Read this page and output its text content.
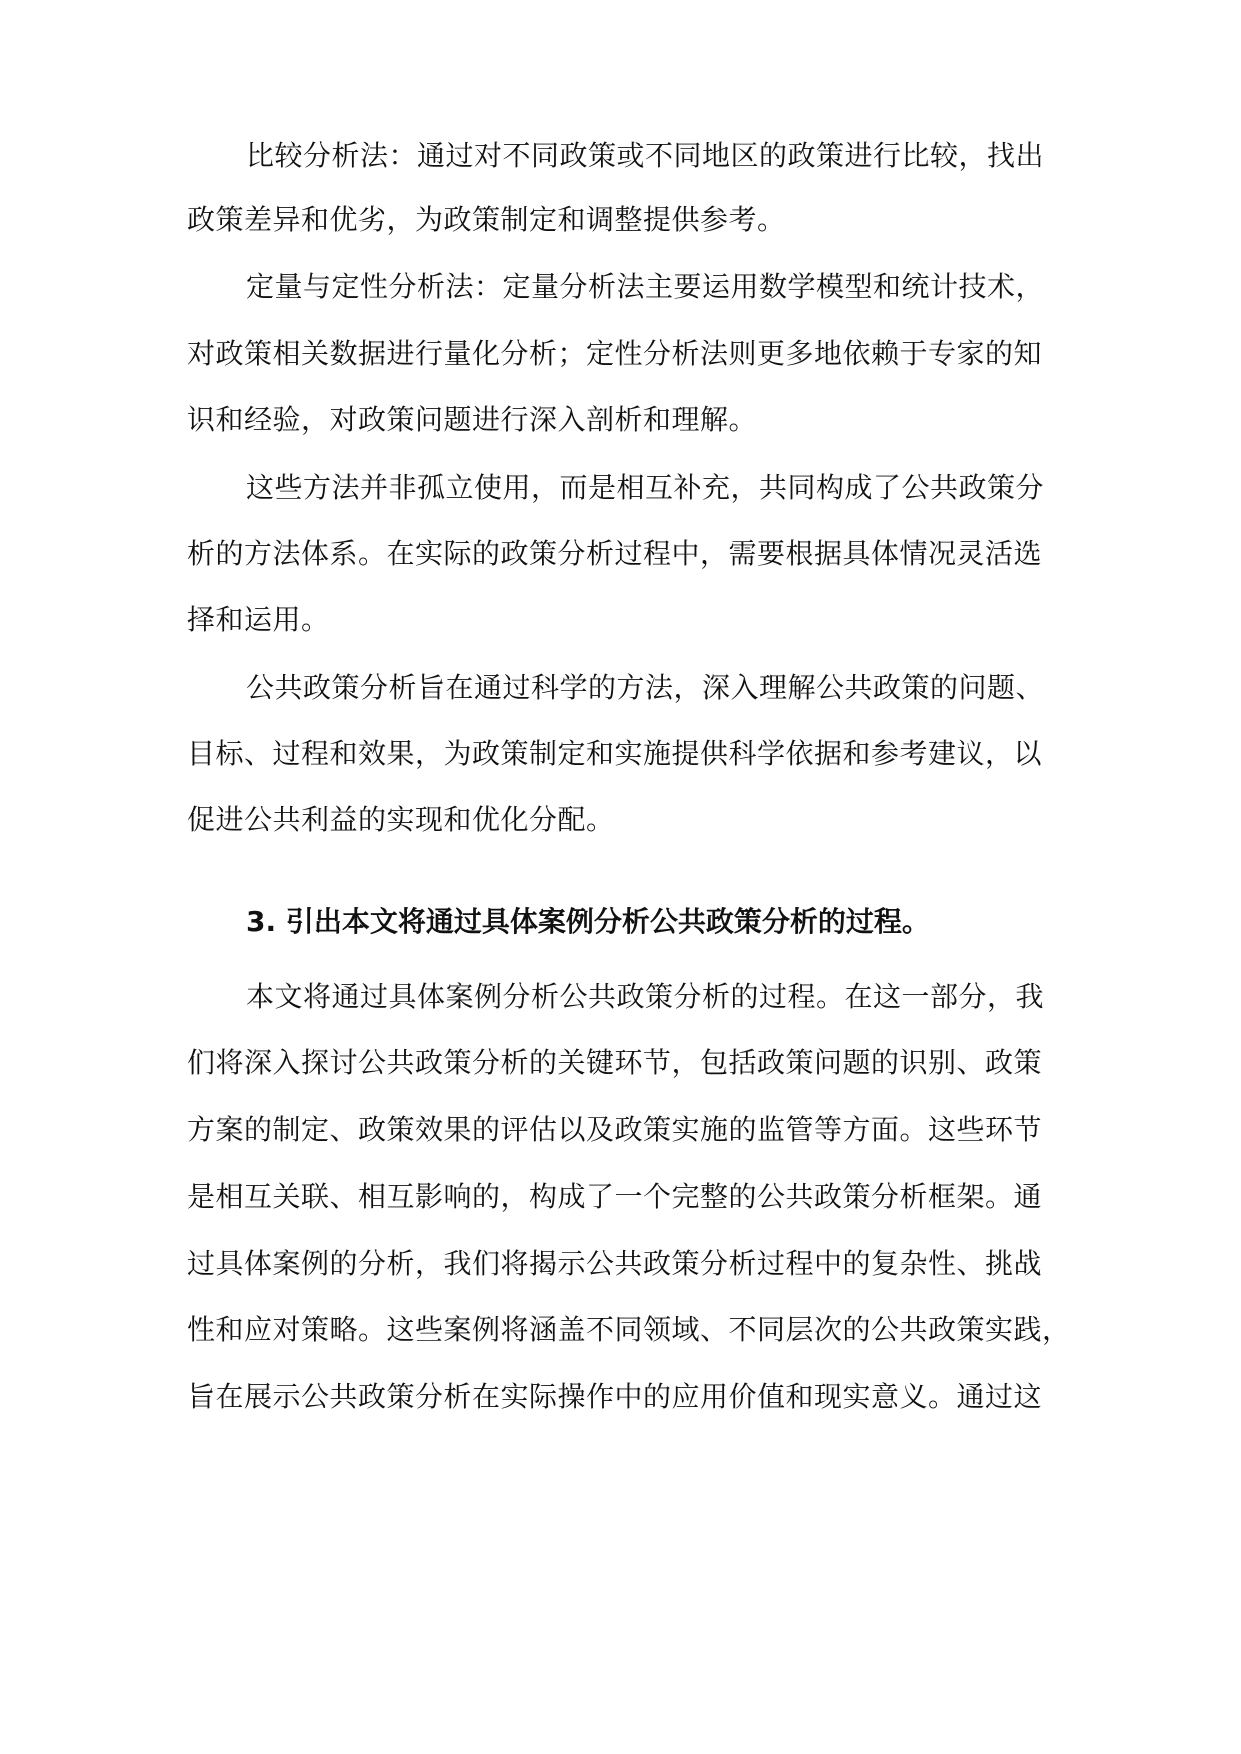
比较分析法：通过对不同政策或不同地区的政策进行比较，找出
政策差异和优劣，为政策制定和调整提供参考。
定量与定性分析法：定量分析法主要运用数学模型和统计技术，
对政策相关数据进行量化分析；定性分析法则更多地依赖于专家的知
识和经验，对政策问题进行深入剖析和理解。
这些方法并非孤立使用，而是相互补充，共同构成了公共政策分
析的方法体系。在实际的政策分析过程中，需要根据具体情况灵活选
择和运用。
公共政策分析旨在通过科学的方法，深入理解公共政策的问题、
目标、过程和效果，为政策制定和实施提供科学依据和参考建议，以
促进公共利益的实现和优化分配。
3. 引出本文将通过具体案例分析公共政策分析的过程。
本文将通过具体案例分析公共政策分析的过程。在这一部分，我
们将深入探讨公共政策分析的关键环节，包括政策问题的识别、政策
方案的制定、政策效果的评估以及政策实施的监管等方面。这些环节
是相互关联、相互影响的，构成了一个完整的公共政策分析框架。通
过具体案例的分析，我们将揭示公共政策分析过程中的复杂性、挑战
性和应对策略。这些案例将涵盖不同领域、不同层次的公共政策实践，
旨在展示公共政策分析在实际操作中的应用价值和现实意义。通过这
